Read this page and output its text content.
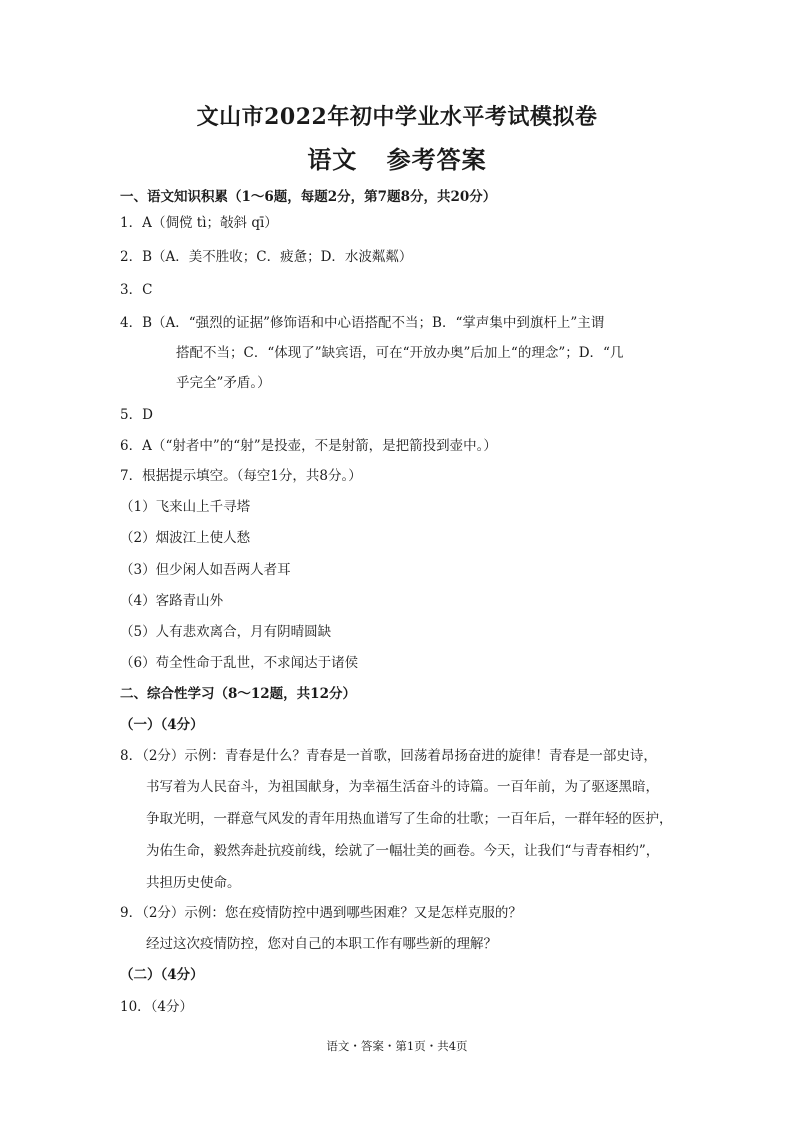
文山市2022年初中学业水平考试模拟卷
语文 参考答案
一、语文知识积累（1～6题，每题2分，第7题8分，共20分）
1．A（倜傥 tì；敧斜 qī）
2．B（A．美不胜收；C．疲惫；D．水波粼粼）
3．C
4．B（A．“强烈的证据”修饰语和中心语搭配不当；B．“掌声集中到旗杆上”主谓
搭配不当；C．“体现了”缺宾语，可在“开放办奥”后加上“的理念”；D．“几
乎完全”矛盾。）
5．D
6．A（“射者中”的“射”是投壶，不是射箭，是把箭投到壶中。）
7．根据提示填空。（每空1分，共8分。）
（1）飞来山上千寻塔
（2）烟波江上使人愁
（3）但少闲人如吾两人者耳
（4）客路青山外
（5）人有悲欢离合，月有阴晴圆缺
（6）苟全性命于乱世，不求闻达于诸侯
二、综合性学习（8～12题，共12分）
（一）（4分）
8．（2分）示例：青春是什么？青春是一首歌，回荡着昂扬奋进的旋律！青春是一部史诗，
书写着为人民奋斗，为祖国献身，为幸福生活奋斗的诗篇。一百年前，为了驱逐黑暗，
争取光明，一群意气风发的青年用热血谱写了生命的壮歌；一百年后，一群年轻的医护，
为佑生命，毅然奔赴抗疫前线，绘就了一幅壮美的画卷。今天，让我们“与青春相约”，
共担历史使命。
9．（2分）示例：您在疫情防控中遇到哪些困难？又是怎样克服的？
经过这次疫情防控，您对自己的本职工作有哪些新的理解？
（二）（4分）
10．（4分）
语文・答案・第1页・共4页
